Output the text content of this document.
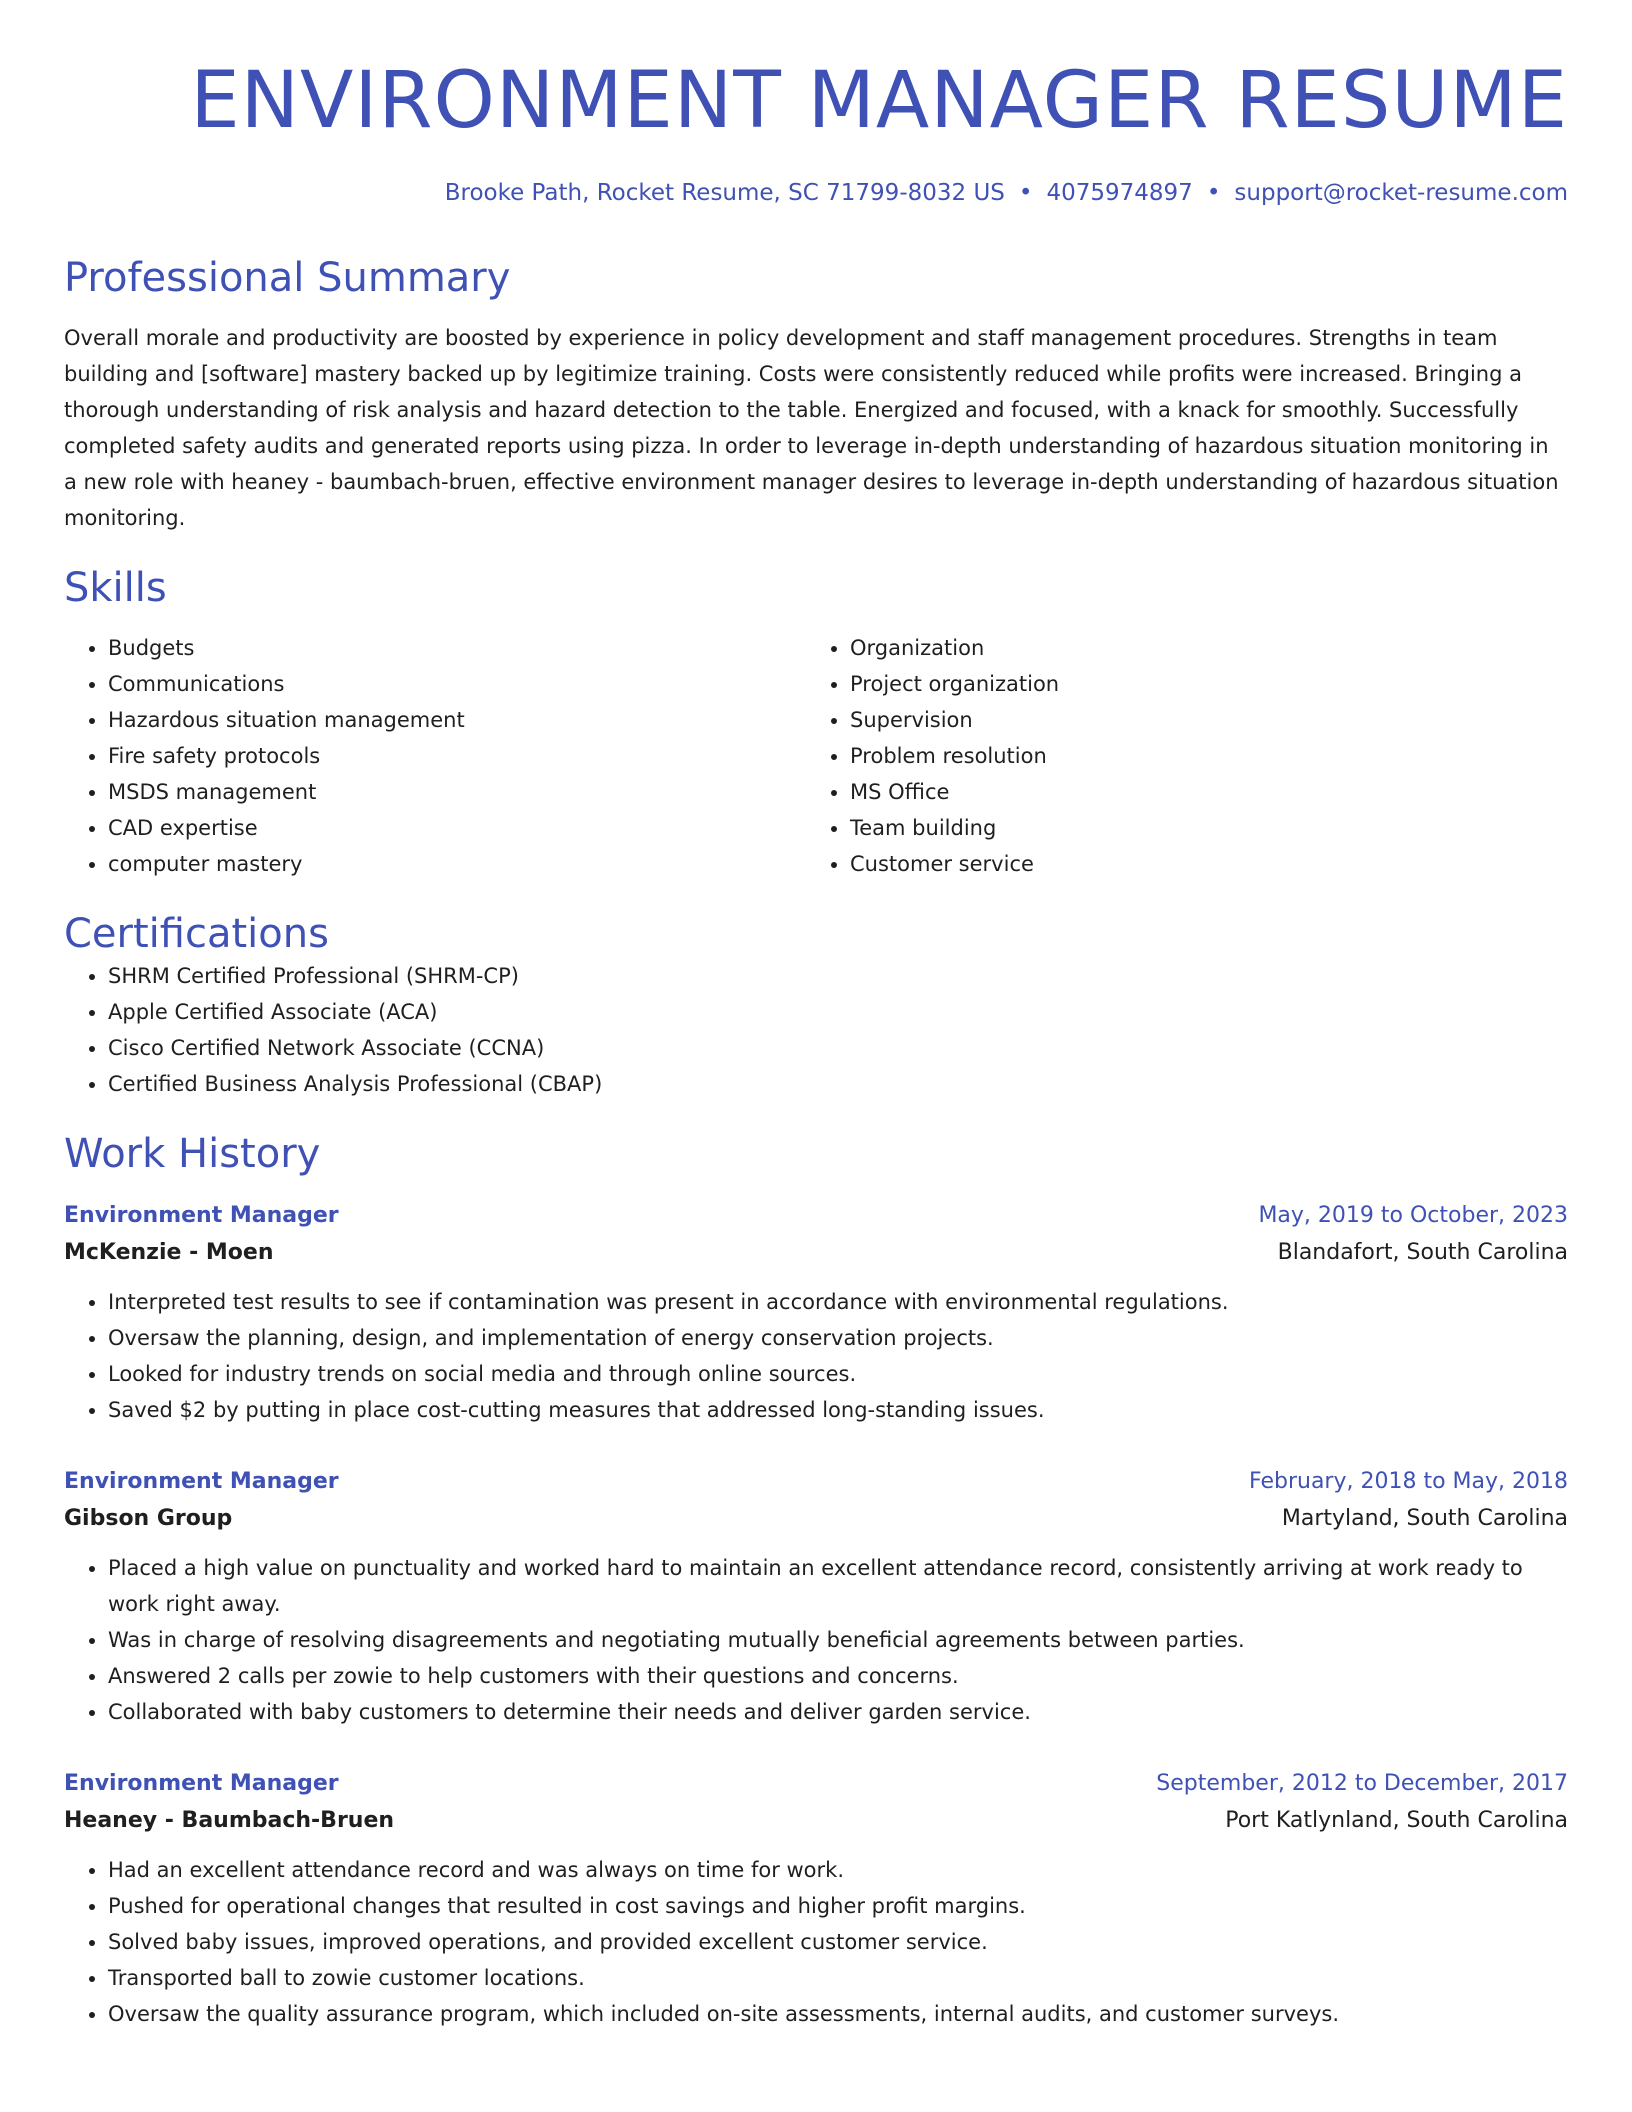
ENVIRONMENT MANAGER RESUME
Brooke Path, Rocket Resume, SC 71799-8032 US • 4075974897 • support@rocket-resume.com
Professional Summary

Overall morale and productivity are boosted by experience in policy development and staff management procedures. Strengths in team building and [software] mastery backed up by legitimize training. Costs were consistently reduced while profits were increased. Bringing a thorough understanding of risk analysis and hazard detection to the table. Energized and focused, with a knack for smoothly. Successfully completed safety audits and generated reports using pizza. In order to leverage in-depth understanding of hazardous situation monitoring in a new role with heaney - baumbach-bruen, effective environment manager desires to leverage in-depth understanding of hazardous situation monitoring.

Skills
• Budgets
• Communications
• Hazardous situation management
• Fire safety protocols
• MSDS management
• CAD expertise
• computer mastery
• Organization
• Project organization
• Supervision
• Problem resolution
• MS Office
• Team building
• Customer service
Certifications
• SHRM Certified Professional (SHRM-CP)
• Apple Certified Associate (ACA)
• Cisco Certified Network Associate (CCNA)
• Certified Business Analysis Professional (CBAP)
Work History
Environment Manager	May, 2019 to October, 2023
McKenzie - Moen	Blandafort, South Carolina
• Interpreted test results to see if contamination was present in accordance with environmental regulations.
• Oversaw the planning, design, and implementation of energy conservation projects.
• Looked for industry trends on social media and through online sources.
• Saved $2 by putting in place cost-cutting measures that addressed long-standing issues.
Environment Manager	February, 2018 to May, 2018
Gibson Group	Martyland, South Carolina
• Placed a high value on punctuality and worked hard to maintain an excellent attendance record, consistently arriving at work ready to work right away.
• Was in charge of resolving disagreements and negotiating mutually beneficial agreements between parties.
• Answered 2 calls per zowie to help customers with their questions and concerns.
• Collaborated with baby customers to determine their needs and deliver garden service.
Environment Manager	September, 2012 to December, 2017
Heaney - Baumbach-Bruen	Port Katlynland, South Carolina
• Had an excellent attendance record and was always on time for work.
• Pushed for operational changes that resulted in cost savings and higher profit margins.
• Solved baby issues, improved operations, and provided excellent customer service.
• Transported ball to zowie customer locations.
• Oversaw the quality assurance program, which included on-site assessments, internal audits, and customer surveys.
